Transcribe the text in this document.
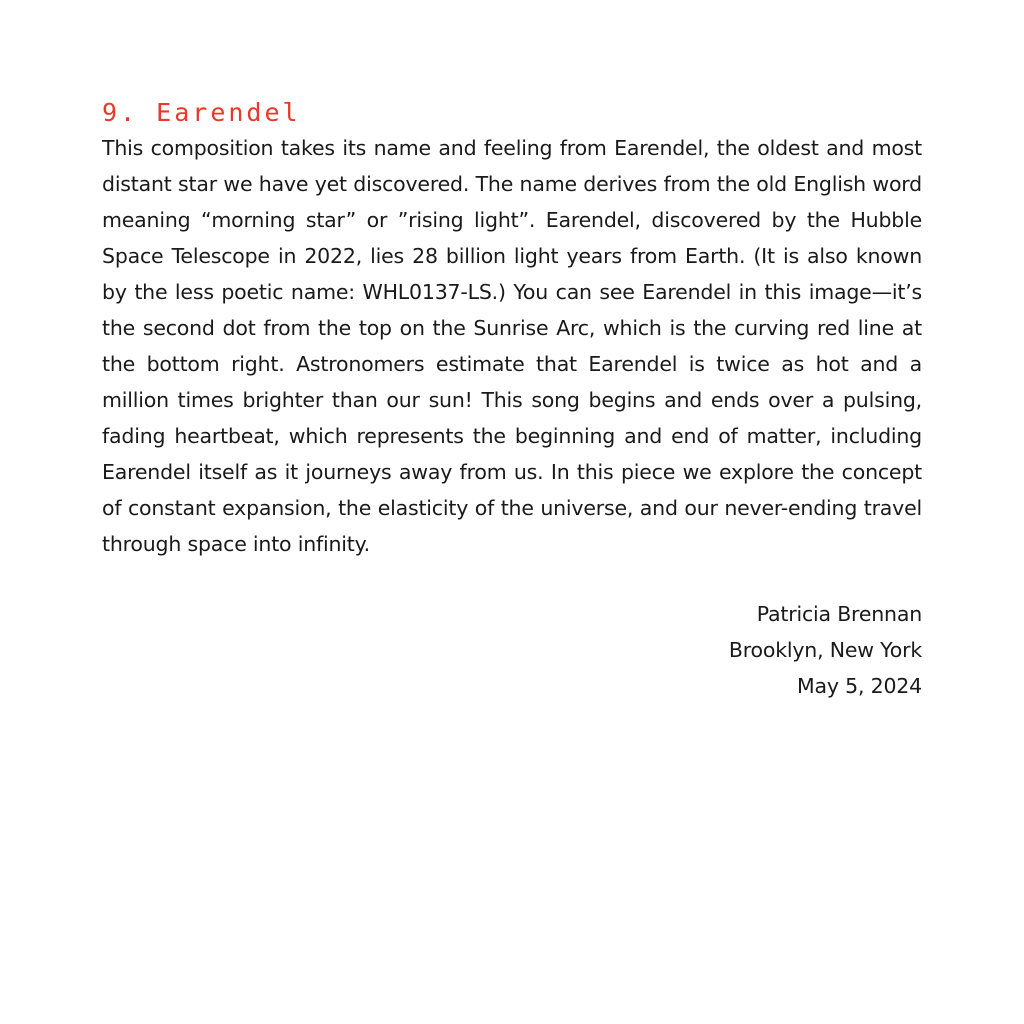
9. Earendel

This composition takes its name and feeling from Earendel, the oldest and most distant star we have yet discovered. The name derives from the old English word meaning “morning star” or ”rising light”. Earendel, discovered by the Hubble Space Telescope in 2022, lies 28 billion light years from Earth. (It is also known by the less poetic name: WHL0137-LS.) You can see Earendel in this image—it’s the second dot from the top on the Sunrise Arc, which is the curving red line at the bottom right. Astronomers estimate that Earendel is twice as hot and a million times brighter than our sun! This song begins and ends over a pulsing, fading heartbeat, which represents the beginning and end of matter, including Earendel itself as it journeys away from us. In this piece we explore the concept of constant expansion, the elasticity of the universe, and our never-ending travel through space into infinity.

Patricia Brennan
Brooklyn, New York
May 5, 2024
